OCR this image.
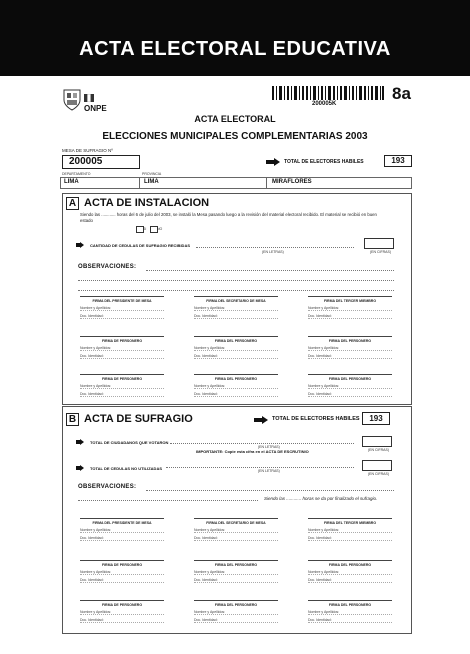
ACTA ELECTORAL EDUCATIVA
ONPE	200005K
8a
ACTA ELECTORAL
ELECCIONES MUNICIPALES COMPLEMENTARIAS 2003
MESA DE SUFRAGIO Nº
200005	TOTAL DE ELECTORES HABILES	193
DEPARTAMENTO	PROVINCIA
LIMA	LIMA	MIRAFLORES
A ACTA DE INSTALACION
Siendo las ............ horas del 6 de julio del 2003, se instaló la Mesa pasando luego a la revisión del material electoral recibido. El material se recibió en buen estado
SI	NO
CANTIDAD DE CEDULAS DE SUFRAGIO RECIBIDAS
(EN LETRAS)	(EN CIFRAS)
OBSERVACIONES:
FIRMA DEL PRESIDENTE DE MESA
Nombre y Apellidos:
Doc. Identidad:
FIRMA DEL SECRETARIO DE MESA
Nombre y Apellidos:
Doc. Identidad:
FIRMA DEL TERCER MIEMBRO
Nombre y Apellidos:
Doc. Identidad:
FIRMA DE PERSONERO
Nombre y Apellidos:
Doc. Identidad:
FIRMA DEL PERSONERO
Nombre y Apellidos:
Doc. Identidad:
FIRMA DEL PERSONERO
Nombre y Apellidos:
Doc. Identidad:
FIRMA DE PERSONERO
Nombre y Apellidos:
Doc. Identidad:
FIRMA DEL PERSONERO
Nombre y Apellidos:
Doc. Identidad:
FIRMA DEL PERSONERO
Nombre y Apellidos:
Doc. Identidad:
B ACTA DE SUFRAGIO	TOTAL DE ELECTORES HABILES	193
TOTAL DE CIUDADANOS QUE VOTARON
(EN LETRAS)
(EN CIFRAS)
IMPORTANTE: Copie esta cifra en el ACTA DE ESCRUTINIO
TOTAL DE CEDULAS NO UTILIZADAS	(EN LETRAS)
(EN CIFRAS)
OBSERVACIONES:
Siendo las ............ horas se da por finalizado el sufragio.
FIRMA DEL PRESIDENTE DE MESA
Nombre y Apellidos:
Doc. Identidad:
FIRMA DEL SECRETARIO DE MESA
Nombre y Apellidos:
Doc. Identidad:
FIRMA DEL TERCER MIEMBRO
Nombre y Apellidos:
Doc. Identidad:
FIRMA DE PERSONERO
Nombre y Apellidos:
Doc. Identidad:
FIRMA DEL PERSONERO
Nombre y Apellidos:
Doc. Identidad:
FIRMA DEL PERSONERO
Nombre y Apellidos:
Doc. Identidad:
FIRMA DE PERSONERO
Nombre y Apellidos:
Doc. Identidad:
FIRMA DEL PERSONERO
Nombre y Apellidos:
Doc. Identidad:
FIRMA DEL PERSONERO
Nombre y Apellidos:
Doc. Identidad:
